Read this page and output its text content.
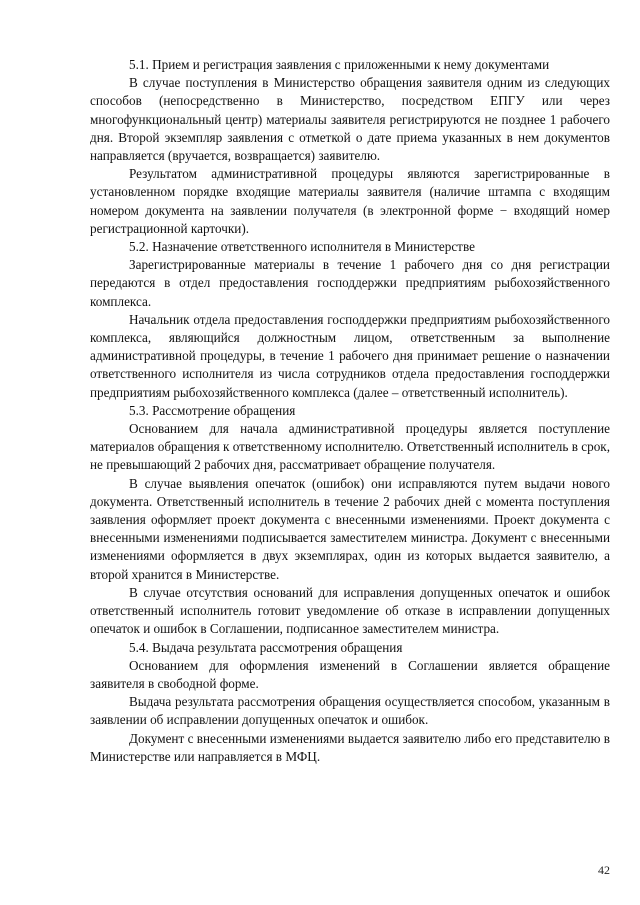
5.1. Прием и регистрация заявления с приложенными к нему документами

В случае поступления в Министерство обращения заявителя одним из следующих способов (непосредственно в Министерство, посредством ЕПГУ или через многофункциональный центр) материалы заявителя регистрируются не позднее 1 рабочего дня. Второй экземпляр заявления с отметкой о дате приема указанных в нем документов направляется (вручается, возвращается) заявителю.

Результатом административной процедуры являются зарегистрированные в установленном порядке входящие материалы заявителя (наличие штампа с входящим номером документа на заявлении получателя (в электронной форме − входящий номер регистрационной карточки).

5.2. Назначение ответственного исполнителя в Министерстве

Зарегистрированные материалы в течение 1 рабочего дня со дня регистрации передаются в отдел предоставления господдержки предприятиям рыбохозяйственного комплекса.

Начальник отдела предоставления господдержки предприятиям рыбохозяйственного комплекса, являющийся должностным лицом, ответственным за выполнение административной процедуры, в течение 1 рабочего дня принимает решение о назначении ответственного исполнителя из числа сотрудников отдела предоставления господдержки предприятиям рыбохозяйственного комплекса (далее – ответственный исполнитель).

5.3. Рассмотрение обращения

Основанием для начала административной процедуры является поступление материалов обращения к ответственному исполнителю. Ответственный исполнитель в срок, не превышающий 2 рабочих дня, рассматривает обращение получателя.

В случае выявления опечаток (ошибок) они исправляются путем выдачи нового документа. Ответственный исполнитель в течение 2 рабочих дней с момента поступления заявления оформляет проект документа с внесенными изменениями. Проект документа с внесенными изменениями подписывается заместителем министра. Документ с внесенными изменениями оформляется в двух экземплярах, один из которых выдается заявителю, а второй хранится в Министерстве.

В случае отсутствия оснований для исправления допущенных опечаток и ошибок ответственный исполнитель готовит уведомление об отказе в исправлении допущенных опечаток и ошибок в Соглашении, подписанное заместителем министра.

5.4. Выдача результата рассмотрения обращения

Основанием для оформления изменений в Соглашении является обращение заявителя в свободной форме.

Выдача результата рассмотрения обращения осуществляется способом, указанным в заявлении об исправлении допущенных опечаток и ошибок.

Документ с внесенными изменениями выдается заявителю либо его представителю в Министерстве или направляется в МФЦ.

42
